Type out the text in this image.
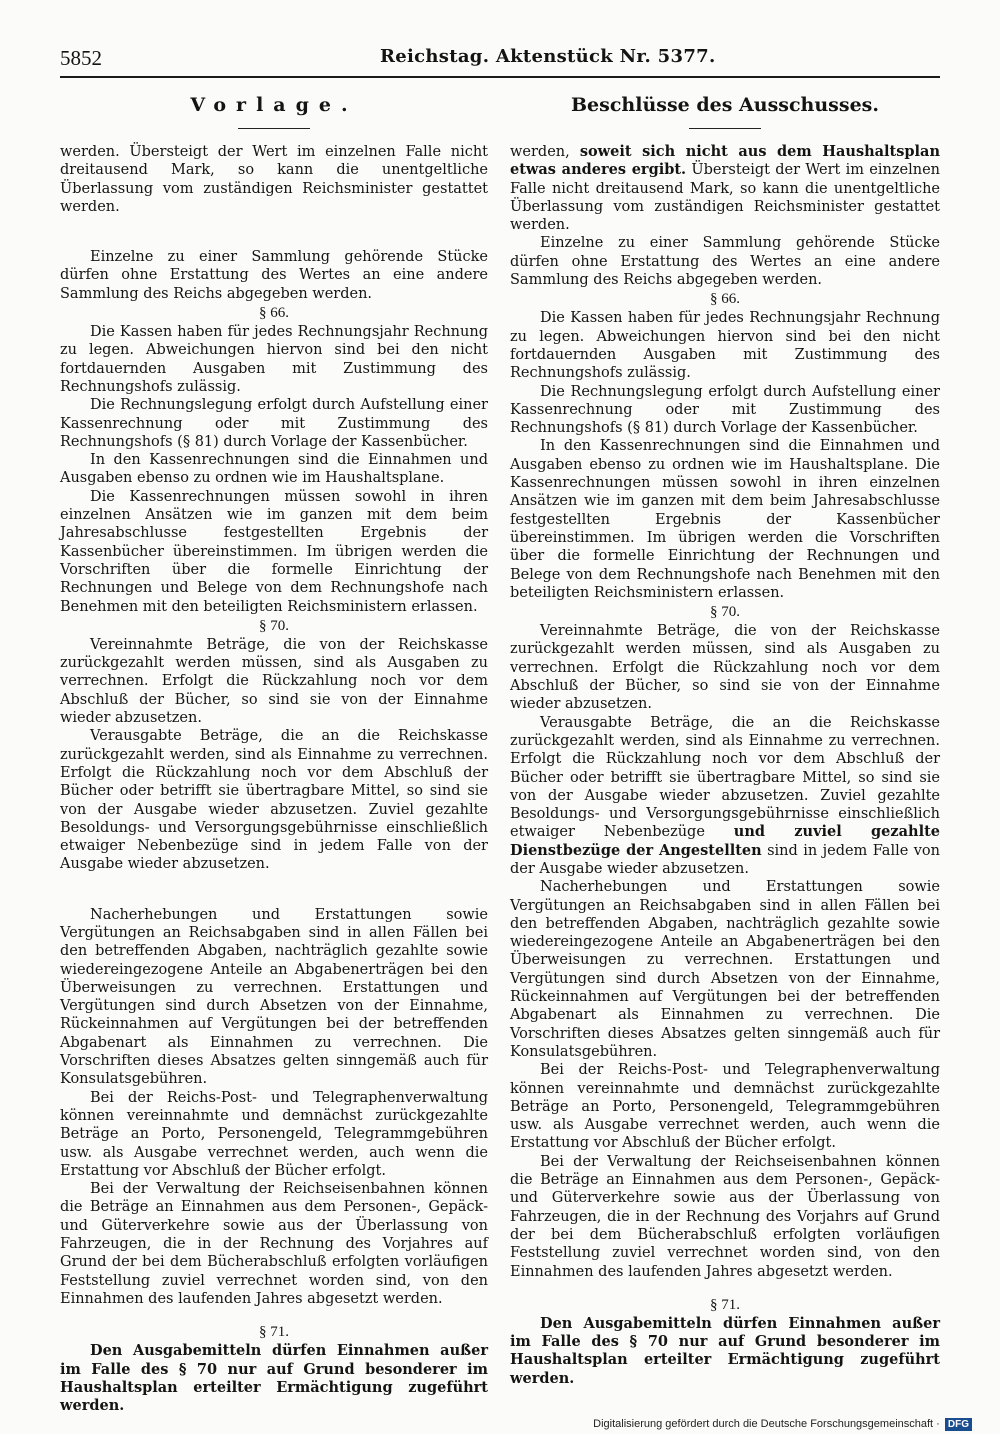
5852	Reichstag. Aktenstück Nr. 5377.
Vorlage.

werden. Übersteigt der Wert im einzelnen Falle nicht dreitausend Mark, so kann die unentgeltliche Überlassung vom zuständigen Reichsminister gestattet werden.

Einzelne zu einer Sammlung gehörende Stücke dürfen ohne Erstattung des Wertes an eine andere Sammlung des Reichs abgegeben werden.

§ 66.

Die Kassen haben für jedes Rechnungsjahr Rechnung zu legen. Abweichungen hiervon sind bei den nicht fortdauernden Ausgaben mit Zustimmung des Rechnungshofs zulässig.

Die Rechnungslegung erfolgt durch Aufstellung einer Kassenrechnung oder mit Zustimmung des Rechnungshofs (§ 81) durch Vorlage der Kassenbücher.

In den Kassenrechnungen sind die Einnahmen und Ausgaben ebenso zu ordnen wie im Haushaltsplane.

Die Kassenrechnungen müssen sowohl in ihren einzelnen Ansätzen wie im ganzen mit dem beim Jahresabschlusse festgestellten Ergebnis der Kassenbücher übereinstimmen. Im übrigen werden die Vorschriften über die formelle Einrichtung der Rechnungen und Belege von dem Rechnungshofe nach Benehmen mit den beteiligten Reichsministern erlassen.

§ 70.

Vereinnahmte Beträge, die von der Reichskasse zurückgezahlt werden müssen, sind als Ausgaben zu verrechnen. Erfolgt die Rückzahlung noch vor dem Abschluß der Bücher, so sind sie von der Einnahme wieder abzusetzen.

Verausgabte Beträge, die an die Reichskasse zurückgezahlt werden, sind als Einnahme zu verrechnen. Erfolgt die Rückzahlung noch vor dem Abschluß der Bücher oder betrifft sie übertragbare Mittel, so sind sie von der Ausgabe wieder abzusetzen. Zuviel gezahlte Besoldungs- und Versorgungsgebührnisse einschließlich etwaiger Nebenbezüge sind in jedem Falle von der Ausgabe wieder abzusetzen.

Nacherhebungen und Erstattungen sowie Vergütungen an Reichsabgaben sind in allen Fällen bei den betreffenden Abgaben, nachträglich gezahlte sowie wiedereingezogene Anteile an Abgabenerträgen bei den Überweisungen zu verrechnen. Erstattungen und Vergütungen sind durch Absetzen von der Einnahme, Rückeinnahmen auf Vergütungen bei der betreffenden Abgabenart als Einnahmen zu verrechnen. Die Vorschriften dieses Absatzes gelten sinngemäß auch für Konsulatsgebühren.

Bei der Reichs-Post- und Telegraphenverwaltung können vereinnahmte und demnächst zurückgezahlte Beträge an Porto, Personengeld, Telegrammgebühren usw. als Ausgabe verrechnet werden, auch wenn die Erstattung vor Abschluß der Bücher erfolgt.

Bei der Verwaltung der Reichseisenbahnen können die Beträge an Einnahmen aus dem Personen-, Gepäck- und Güterverkehre sowie aus der Überlassung von Fahrzeugen, die in der Rechnung des Vorjahres auf Grund der bei dem Bücherabschluß erfolgten vorläufigen Feststellung zuviel verrechnet worden sind, von den Einnahmen des laufenden Jahres abgesetzt werden.

§ 71.

Den Ausgabemitteln dürfen Einnahmen außer im Falle des § 70 nur auf Grund besonderer im Haushaltsplan erteilter Ermächtigung zugeführt werden.

Beschlüsse des Ausschusses.

werden, soweit sich nicht aus dem Haushaltsplan etwas anderes ergibt. Übersteigt der Wert im einzelnen Falle nicht dreitausend Mark, so kann die unentgeltliche Überlassung vom zuständigen Reichsminister gestattet werden.

Einzelne zu einer Sammlung gehörende Stücke dürfen ohne Erstattung des Wertes an eine andere Sammlung des Reichs abgegeben werden.

§ 66.

Die Kassen haben für jedes Rechnungsjahr Rechnung zu legen. Abweichungen hiervon sind bei den nicht fortdauernden Ausgaben mit Zustimmung des Rechnungshofs zulässig.

Die Rechnungslegung erfolgt durch Aufstellung einer Kassenrechnung oder mit Zustimmung des Rechnungshofs (§ 81) durch Vorlage der Kassenbücher.

In den Kassenrechnungen sind die Einnahmen und Ausgaben ebenso zu ordnen wie im Haushaltsplane. Die Kassenrechnungen müssen sowohl in ihren einzelnen Ansätzen wie im ganzen mit dem beim Jahresabschlusse festgestellten Ergebnis der Kassenbücher übereinstimmen. Im übrigen werden die Vorschriften über die formelle Einrichtung der Rechnungen und Belege von dem Rechnungshofe nach Benehmen mit den beteiligten Reichsministern erlassen.

§ 70.

Vereinnahmte Beträge, die von der Reichskasse zurückgezahlt werden müssen, sind als Ausgaben zu verrechnen. Erfolgt die Rückzahlung noch vor dem Abschluß der Bücher, so sind sie von der Einnahme wieder abzusetzen.

Verausgabte Beträge, die an die Reichskasse zurückgezahlt werden, sind als Einnahme zu verrechnen. Erfolgt die Rückzahlung noch vor dem Abschluß der Bücher oder betrifft sie übertragbare Mittel, so sind sie von der Ausgabe wieder abzusetzen. Zuviel gezahlte Besoldungs- und Versorgungsgebührnisse einschließlich etwaiger Nebenbezüge und zuviel gezahlte Dienstbezüge der Angestellten sind in jedem Falle von der Ausgabe wieder abzusetzen.

Nacherhebungen und Erstattungen sowie Vergütungen an Reichsabgaben sind in allen Fällen bei den betreffenden Abgaben, nachträglich gezahlte sowie wiedereingezogene Anteile an Abgabenerträgen bei den Überweisungen zu verrechnen. Erstattungen und Vergütungen sind durch Absetzen von der Einnahme, Rückeinnahmen auf Vergütungen bei der betreffenden Abgabenart als Einnahmen zu verrechnen. Die Vorschriften dieses Absatzes gelten sinngemäß auch für Konsulatsgebühren.

Bei der Reichs-Post- und Telegraphenverwaltung können vereinnahmte und demnächst zurückgezahlte Beträge an Porto, Personengeld, Telegrammgebühren usw. als Ausgabe verrechnet werden, auch wenn die Erstattung vor Abschluß der Bücher erfolgt.

Bei der Verwaltung der Reichseisenbahnen können die Beträge an Einnahmen aus dem Personen-, Gepäck- und Güterverkehre sowie aus der Überlassung von Fahrzeugen, die in der Rechnung des Vorjahrs auf Grund der bei dem Bücherabschluß erfolgten vorläufigen Feststellung zuviel verrechnet worden sind, von den Einnahmen des laufenden Jahres abgesetzt werden.

§ 71.

Den Ausgabemitteln dürfen Einnahmen außer im Falle des § 70 nur auf Grund besonderer im Haushaltsplan erteilter Ermächtigung zugeführt werden.

Digitalisierung gefördert durch die Deutsche Forschungsgemeinschaft · DFG
